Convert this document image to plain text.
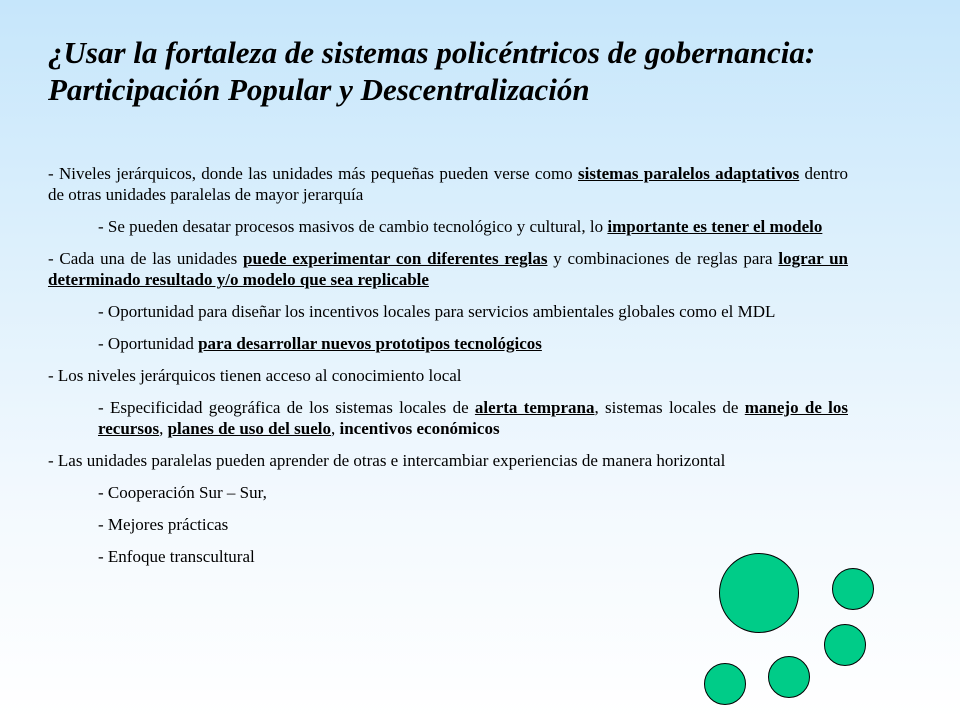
¿Usar la fortaleza de sistemas policéntricos de gobernancia: Participación Popular y Descentralización

- Niveles jerárquicos, donde las unidades más pequeñas pueden verse como sistemas paralelos adaptativos dentro de otras unidades paralelas de mayor jerarquía

- Se pueden desatar procesos masivos de cambio tecnológico y cultural, lo importante es tener el modelo

- Cada una de las unidades puede experimentar con diferentes reglas y combinaciones de reglas para lograr un determinado resultado y/o modelo que sea replicable

- Oportunidad para diseñar los incentivos locales para servicios ambientales globales como el MDL

- Oportunidad para desarrollar nuevos prototipos tecnológicos

- Los niveles jerárquicos tienen acceso al conocimiento local

- Especificidad geográfica de los sistemas locales de alerta temprana, sistemas locales de manejo de los recursos, planes de uso del suelo, incentivos económicos

- Las unidades paralelas pueden aprender de otras e intercambiar experiencias de manera horizontal

- Cooperación Sur – Sur,

- Mejores prácticas

- Enfoque transcultural
